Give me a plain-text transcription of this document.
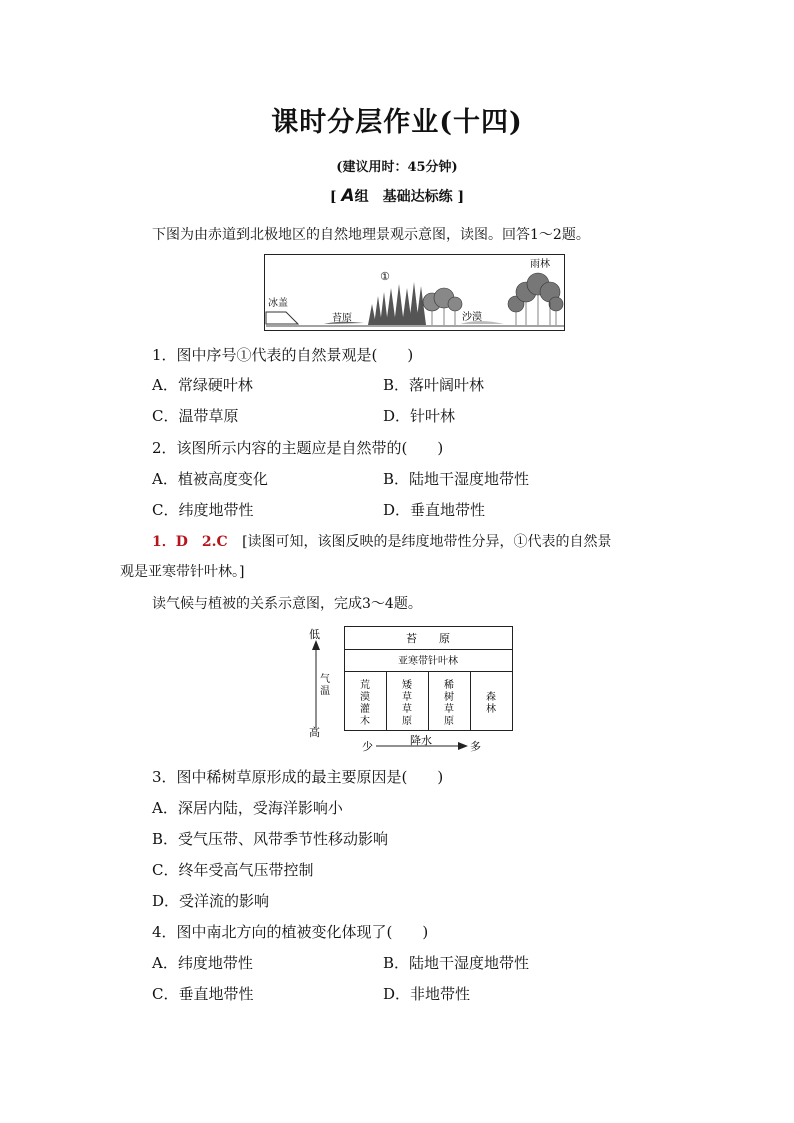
课时分层作业(十四)
(建议用时：45分钟)
[ A组　基础达标练 ]
下图为由赤道到北极地区的自然地理景观示意图，读图。回答1～2题。
冰盖
苔原
①
沙漠
雨林
1．图中序号①代表的自然景观是(　　)
A．常绿硬叶林	B．落叶阔叶林
C．温带草原	D．针叶林
2．该图所示内容的主题应是自然带的(　　)
A．植被高度变化	B．陆地干湿度地带性
C．纬度地带性	D．垂直地带性
1．D　2.C [读图可知，该图反映的是纬度地带性分异，①代表的自然景
观是亚寒带针叶林。]
读气候与植被的关系示意图，完成3～4题。
低
高
气
温
苔　　原
亚寒带针叶林
荒
漠
灌
木
矮
草
草
原
稀
树
草
原
森
林
少	降水	多
3．图中稀树草原形成的最主要原因是(　　)
A．深居内陆，受海洋影响小
B．受气压带、风带季节性移动影响
C．终年受高气压带控制
D．受洋流的影响
4．图中南北方向的植被变化体现了(　　)
A．纬度地带性	B．陆地干湿度地带性
C．垂直地带性	D．非地带性
